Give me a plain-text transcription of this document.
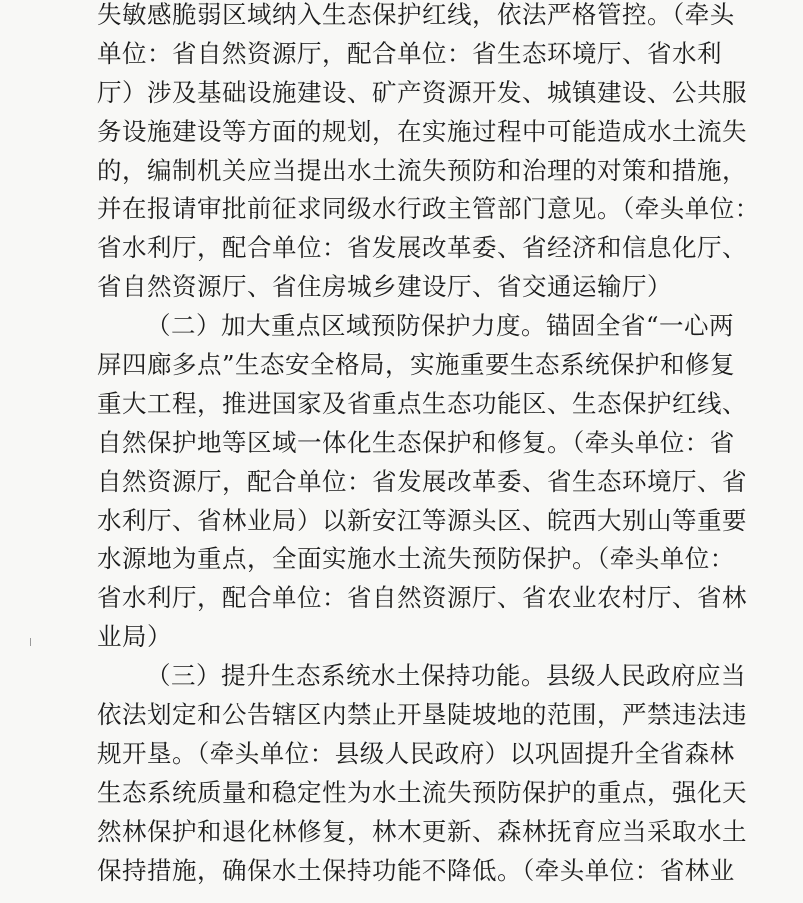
失敏感脆弱区域纳入生态保护红线，依法严格管控。（牵头
单位：省自然资源厅，配合单位：省生态环境厅、省水利
厅）涉及基础设施建设、矿产资源开发、城镇建设、公共服
务设施建设等方面的规划，在实施过程中可能造成水土流失
的，编制机关应当提出水土流失预防和治理的对策和措施，
并在报请审批前征求同级水行政主管部门意见。（牵头单位：
省水利厅，配合单位：省发展改革委、省经济和信息化厅、
省自然资源厅、省住房城乡建设厅、省交通运输厅）
（二）加大重点区域预防保护力度。锚固全省“一心两
屏四廊多点”生态安全格局，实施重要生态系统保护和修复
重大工程，推进国家及省重点生态功能区、生态保护红线、
自然保护地等区域一体化生态保护和修复。（牵头单位：省
自然资源厅，配合单位：省发展改革委、省生态环境厅、省
水利厅、省林业局）以新安江等源头区、皖西大别山等重要
水源地为重点，全面实施水土流失预防保护。（牵头单位：
省水利厅，配合单位：省自然资源厅、省农业农村厅、省林
业局）
（三）提升生态系统水土保持功能。县级人民政府应当
依法划定和公告辖区内禁止开垦陡坡地的范围，严禁违法违
规开垦。（牵头单位：县级人民政府）以巩固提升全省森林
生态系统质量和稳定性为水土流失预防保护的重点，强化天
然林保护和退化林修复，林木更新、森林抚育应当采取水土
保持措施，确保水土保持功能不降低。（牵头单位：省林业
